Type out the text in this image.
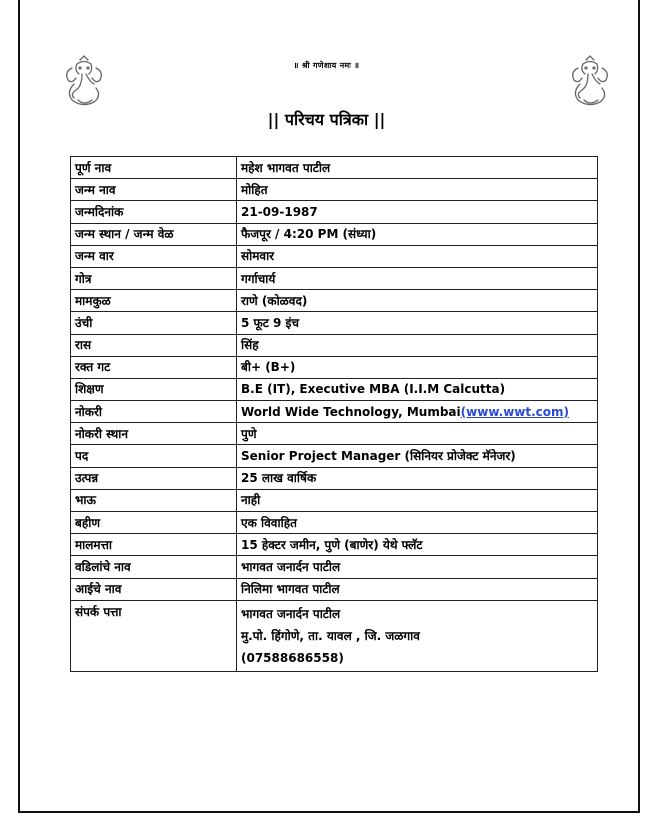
॥ श्री गणेशाय नमः ॥
|| परिचय पत्रिका ||
पूर्ण नाव	महेश भागवत पाटील
जन्म नाव	मोहित
जन्मदिनांक	21-09-1987
जन्म स्थान / जन्म वेळ	फैजपूर / 4:20 PM (संध्या)
जन्म वार	सोमवार
गोत्र	गर्गाचार्य
मामकुळ	राणे (कोळवद)
उंची	5 फूट 9 इंच
रास	सिंह
रक्त गट	बी+ (B+)
शिक्षण	B.E (IT), Executive MBA (I.I.M Calcutta)
नोकरी	World Wide Technology, Mumbai(www.wwt.com)
नोकरी स्थान	पुणे
पद	Senior Project Manager (सिनियर प्रोजेक्ट मॅनेजर)
उत्पन्न	25 लाख वार्षिक
भाऊ	नाही
बहीण	एक विवाहित
मालमत्ता	15 हेक्टर जमीन, पुणे (बाणेर) येथे फ्लॅट
वडिलांचे नाव	भागवत जनार्दन पाटील
आईचे नाव	निलिमा भागवत पाटील
संपर्क पत्ता	भागवत जनार्दन पाटील
मु.पो. हिंगोणे, ता. यावल , जि. जळगाव
(07588686558)
